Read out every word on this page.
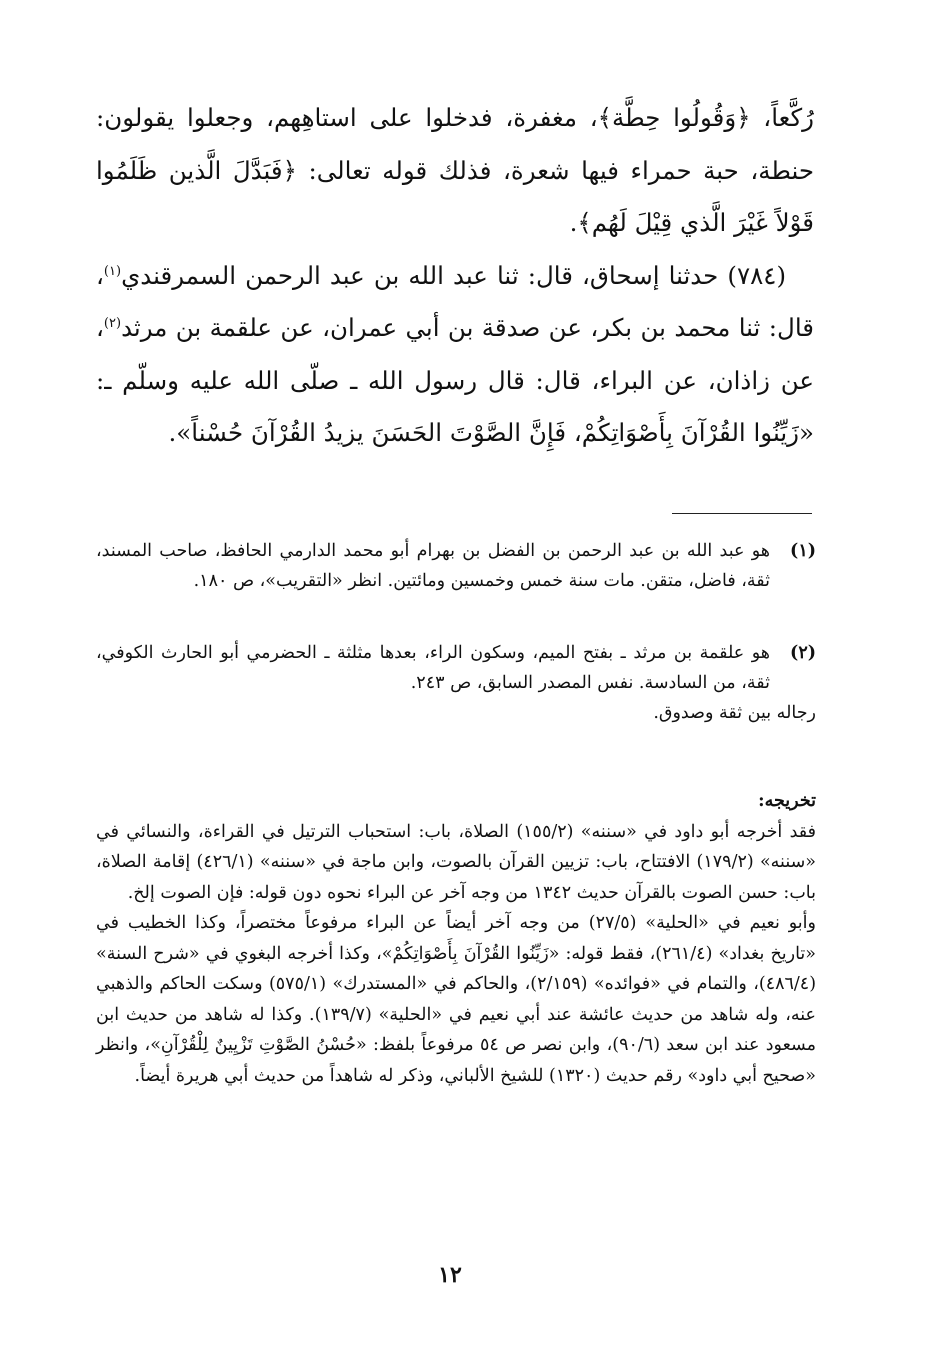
رُكَّعاً، ﴿وَقُولُوا حِطَّة﴾، مغفرة، فدخلوا على استاهِهم، وجعلوا يقولون: حنطة، حبة حمراء فيها شعرة، فذلك قوله تعالى: ﴿فَبَدَّلَ الَّذين ظَلَمُوا قَوْلاً غَيْرَ الَّذي قِيْلَ لَهُم﴾.

(٧٨٤) حدثنا إسحاق، قال: ثنا عبد الله بن عبد الرحمن السمرقندي$^{(١)}$، قال: ثنا محمد بن بكر، عن صدقة بن أبي عمران، عن علقمة بن مرثد$^{(٢)}$، عن زاذان، عن البراء، قال: قال رسول الله ـ صلّى الله عليه وسلّم ـ: «زَيِّنُوا القُرْآنَ بِأَصْوَاتِكُمْ، فَإِنَّ الصَّوْتَ الحَسَنَ يزيدُ القُرْآنَ حُسْناً».

(١)
هو عبد الله بن عبد الرحمن بن الفضل بن بهرام أبو محمد الدارمي الحافظ، صاحب المسند، ثقة، فاضل، متقن. مات سنة خمس وخمسين ومائتين. انظر «التقريب»، ص ١٨٠.
(٢)
هو علقمة بن مرثد ـ بفتح الميم، وسكون الراء، بعدها مثلثة ـ الحضرمي أبو الحارث الكوفي، ثقة، من السادسة. نفس المصدر السابق، ص ٢٤٣.
رجاله بين ثقة وصدوق.
تخريجه:

فقد أخرجه أبو داود في «سننه» (١٥٥/٢) الصلاة، باب: استحباب الترتيل في القراءة، والنسائي في «سننه» (١٧٩/٢) الافتتاح، باب: تزيين القرآن بالصوت، وابن ماجة في «سننه» (٤٢٦/١) إقامة الصلاة، باب: حسن الصوت بالقرآن حديث ١٣٤٢ من وجه آخر عن البراء نحوه دون قوله: فإن الصوت إلخ.

وأبو نعيم في «الحلية» (٢٧/٥) من وجه آخر أيضاً عن البراء مرفوعاً مختصراً، وكذا الخطيب في «تاريخ بغداد» (٢٦١/٤)، فقط قوله: «زَيِّنُوا القُرْآنَ بِأَصْوَاتِكُمْ»، وكذا أخرجه البغوي في «شرح السنة» (٤٨٦/٤)، والتمام في «فوائده» (٢/١٥٩)، والحاكم في «المستدرك» (٥٧٥/١) وسكت الحاكم والذهبي عنه، وله شاهد من حديث عائشة عند أبي نعيم في «الحلية» (١٣٩/٧). وكذا له شاهد من حديث ابن مسعود عند ابن سعد (٩٠/٦)، وابن نصر ص ٥٤ مرفوعاً بلفظ: «حُسْنُ الصَّوْتِ تَزْيِينٌ لِلْقُرْآنِ»، وانظر «صحيح أبي داود» رقم حديث (١٣٢٠) للشيخ الألباني، وذكر له شاهداً من حديث أبي هريرة أيضاً.

١٢
